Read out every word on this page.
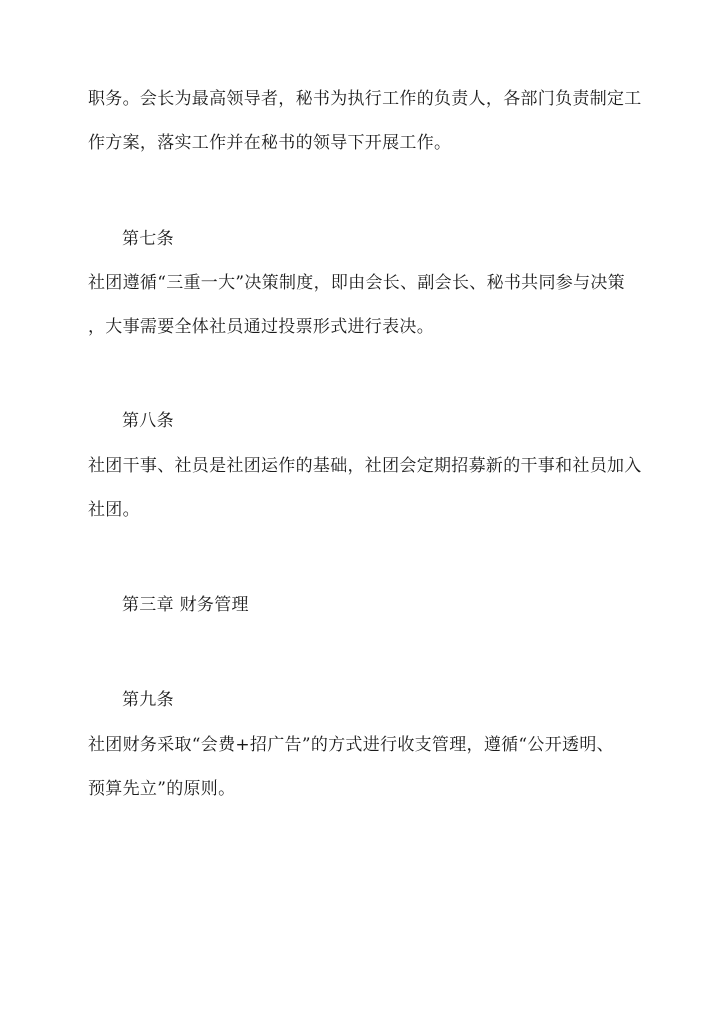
职务。会长为最高领导者，秘书为执行工作的负责人，各部门负责制定工
作方案，落实工作并在秘书的领导下开展工作。
第七条
社团遵循“三重一大”决策制度，即由会长、副会长、秘书共同参与决策
，大事需要全体社员通过投票形式进行表决。
第八条
社团干事、社员是社团运作的基础，社团会定期招募新的干事和社员加入
社团。
第三章 财务管理
第九条
社团财务采取“会费+招广告”的方式进行收支管理，遵循“公开透明、
预算先立”的原则。
